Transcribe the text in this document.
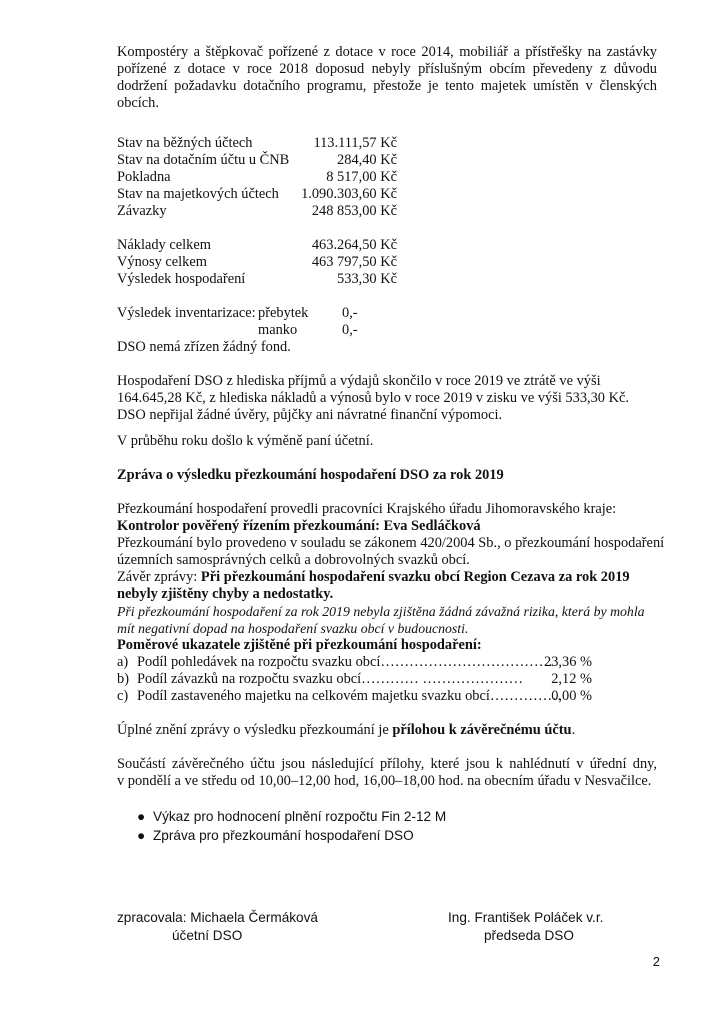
Kompostéry a štěpkovač pořízené z dotace v roce 2014, mobiliář a přístřešky na zastávky
pořízené z dotace v roce 2018 doposud nebyly příslušným obcím převedeny z důvodu
dodržení požadavku dotačního programu, přestože je tento majetek umístěn v členských
obcích.
Stav na běžných účtech	113.111,57 Kč
Stav na dotačním účtu u ČNB	284,40 Kč
Pokladna	8 517,00 Kč
Stav na majetkových účtech 1.090.303,60 Kč
Závazky	248 853,00 Kč
Náklady celkem	463.264,50 Kč
Výnosy celkem	463 797,50 Kč
Výsledek hospodaření	533,30 Kč
Výsledek inventarizace: přebytek 0,-
manko	0,-
DSO nemá zřízen žádný fond.
Hospodaření DSO z hlediska příjmů a výdajů skončilo v roce 2019 ve ztrátě ve výši
164.645,28 Kč, z hlediska nákladů a výnosů bylo v roce 2019 v zisku ve výši 533,30 Kč.
DSO nepřijal žádné úvěry, půjčky ani návratné finanční výpomoci.
V průběhu roku došlo k výměně paní účetní.
Zpráva o výsledku přezkoumání hospodaření DSO za rok 2019
Přezkoumání hospodaření provedli pracovníci Krajského úřadu Jihomoravského kraje:
Kontrolor pověřený řízením přezkoumání: Eva Sedláčková
Přezkoumání bylo provedeno v souladu se zákonem 420/2004 Sb., o přezkoumání hospodaření
územních samosprávných celků a dobrovolných svazků obcí.
Závěr zprávy: Při přezkoumání hospodaření svazku obcí Region Cezava za rok 2019
nebyly zjištěny chyby a nedostatky.
Při přezkoumání hospodaření za rok 2019 nebyla zjištěna žádná závažná rizika, která by mohla
mít negativní dopad na hospodaření svazku obcí v budoucnosti.
Poměrové ukazatele zjištěné při přezkoumání hospodaření:
a) Podíl pohledávek na rozpočtu svazku obcí………………………………
23,36 %
b) Podíl závazků na rozpočtu svazku obcí………… ………………… 2,12 %
c) Podíl zastaveného majetku na celkovém majetku svazku obcí……………
0,00 %
Úplné znění zprávy o výsledku přezkoumání je přílohou k závěrečnému účtu.
Součástí závěrečného účtu jsou následující přílohy, které jsou k nahlédnutí v úřední dny,
v pondělí a ve středu od 10,00–12,00 hod, 16,00–18,00 hod. na obecním úřadu v Nesvačilce.
● Výkaz pro hodnocení plnění rozpočtu Fin 2-12 M
● Zpráva pro přezkoumání hospodaření DSO
zpracovala: Michaela Čermáková
účetní DSO
Ing. František Poláček v.r.
předseda DSO
2
